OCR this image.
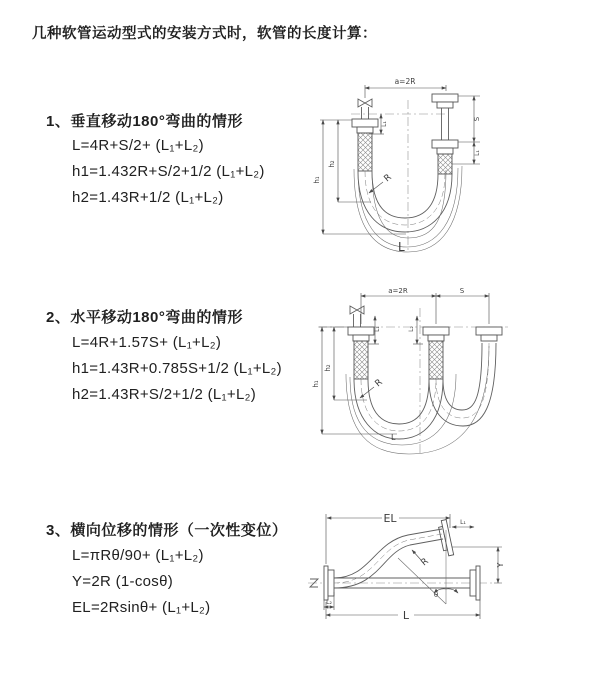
几种软管运动型式的安装方式时，软管的长度计算：
1、垂直移动180°弯曲的情形
L=4R+S/2+ (L₁+L₂)
h1=1.432R+S/2+1/2 (L₁+L₂)
h2=1.43R+1/2 (L₁+L₂)
2、水平移动180°弯曲的情形
L=4R+1.57S+ (L₁+L₂)
h1=1.43R+0.785S+1/2 (L₁+L₂)
h2=1.43R+S/2+1/2 (L₁+L₂)
3、横向位移的情形（一次性变位）
L=πRθ/90+ (L₁+L₂)
Y=2R (1-cosθ)
EL=2Rsinθ+ (L₁+L₂)
a=2R
h₁
h₂
S
L₁
L₁
R
L
a=2R	S
h₁
h₂
L₁	L₂
R
L
θ
R
EL	L₁
Y
L₂
L
